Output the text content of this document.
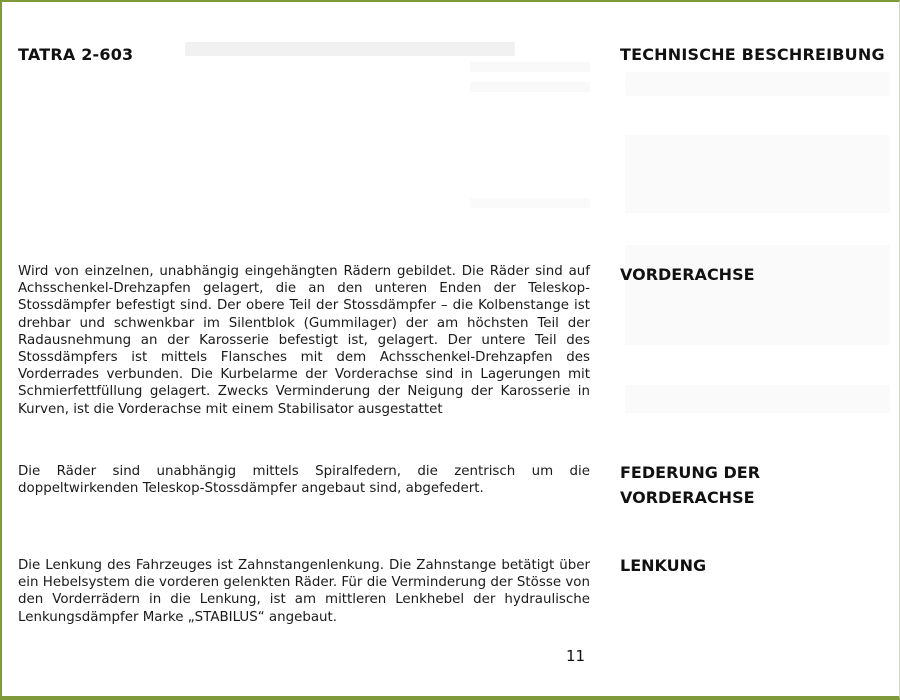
TATRA 2-603	TECHNISCHE BESCHREIBUNG
Wird von einzelnen, unabhängig eingehängten Rädern gebildet. Die Räder sind auf Achsschenkel-Drehzapfen gelagert, die an den unteren Enden der Teleskop-Stossdämpfer befestigt sind. Der obere Teil der Stossdämpfer – die Kolbenstange ist drehbar und schwenkbar im Silentblok (Gummilager) der am höchsten Teil der Radausnehmung an der Karosserie befestigt ist, gelagert. Der untere Teil des Stossdämpfers ist mittels Flansches mit dem Achsschenkel-Drehzapfen des Vorderrades verbunden. Die Kurbelarme der Vorderachse sind in Lagerungen mit Schmierfettfüllung gelagert. Zwecks Verminderung der Neigung der Karosserie in Kurven, ist die Vorderachse mit einem Stabilisator ausgestattet
VORDERACHSE
Die Räder sind unabhängig mittels Spiralfedern, die zentrisch um die doppeltwirkenden Teleskop-Stossdämpfer angebaut sind, abgefedert.
FEDERUNG DER
VORDERACHSE
Die Lenkung des Fahrzeuges ist Zahnstangenlenkung. Die Zahnstange betätigt über ein Hebelsystem die vorderen gelenkten Räder. Für die Verminderung der Stösse von den Vorderrädern in die Lenkung, ist am mittleren Lenkhebel der hydraulische Lenkungsdämpfer Marke „STABILUS“ angebaut.
LENKUNG
11
